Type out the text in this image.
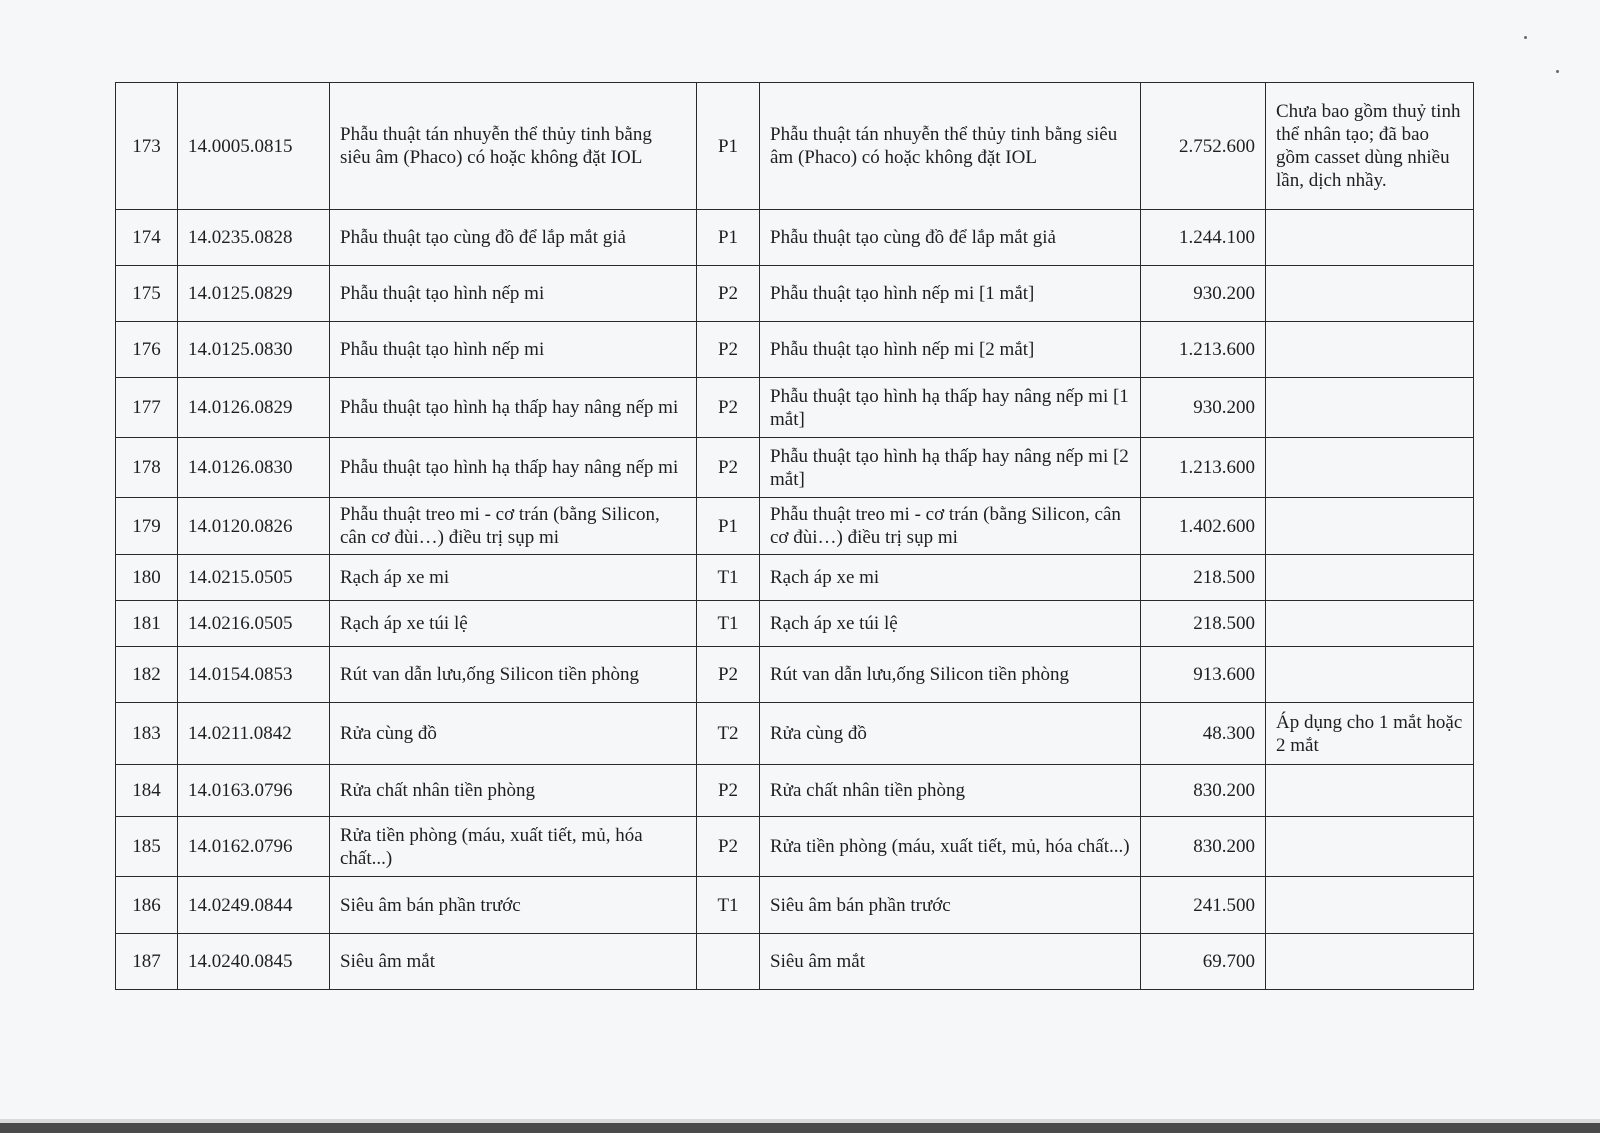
173	14.0005.0815	Phẫu thuật tán nhuyễn thể thủy tinh bằng siêu âm (Phaco) có hoặc không đặt IOL	P1	Phẫu thuật tán nhuyễn thể thủy tinh bằng siêu âm (Phaco) có hoặc không đặt IOL	2.752.600	Chưa bao gồm thuỷ tinh thể nhân tạo; đã bao gồm casset dùng nhiều lần, dịch nhầy.
174	14.0235.0828	Phẫu thuật tạo cùng đồ để lắp mắt giả	P1	Phẫu thuật tạo cùng đồ để lắp mắt giả	1.244.100	
175	14.0125.0829	Phẫu thuật tạo hình nếp mi	P2	Phẫu thuật tạo hình nếp mi [1 mắt]	930.200	
176	14.0125.0830	Phẫu thuật tạo hình nếp mi	P2	Phẫu thuật tạo hình nếp mi [2 mắt]	1.213.600	
177	14.0126.0829	Phẫu thuật tạo hình hạ thấp hay nâng nếp mi	P2	Phẫu thuật tạo hình hạ thấp hay nâng nếp mi [1 mắt]	930.200	
178	14.0126.0830	Phẫu thuật tạo hình hạ thấp hay nâng nếp mi	P2	Phẫu thuật tạo hình hạ thấp hay nâng nếp mi [2 mắt]	1.213.600	
179	14.0120.0826	Phẫu thuật treo mi - cơ trán (bằng Silicon, cân cơ đùi…) điều trị sụp mi	P1	Phẫu thuật treo mi - cơ trán (bằng Silicon, cân cơ đùi…) điều trị sụp mi	1.402.600	
180	14.0215.0505	Rạch áp xe mi	T1	Rạch áp xe mi	218.500	
181	14.0216.0505	Rạch áp xe túi lệ	T1	Rạch áp xe túi lệ	218.500	
182	14.0154.0853	Rút van dẫn lưu,ống Silicon tiền phòng	P2	Rút van dẫn lưu,ống Silicon tiền phòng	913.600	
183	14.0211.0842	Rửa cùng đồ	T2	Rửa cùng đồ	48.300	Áp dụng cho 1 mắt hoặc 2 mắt
184	14.0163.0796	Rửa chất nhân tiền phòng	P2	Rửa chất nhân tiền phòng	830.200	
185	14.0162.0796	Rửa tiền phòng (máu, xuất tiết, mủ, hóa chất...)	P2	Rửa tiền phòng (máu, xuất tiết, mủ, hóa chất...)	830.200	
186	14.0249.0844	Siêu âm bán phần trước	T1	Siêu âm bán phần trước	241.500	
187	14.0240.0845	Siêu âm mắt		Siêu âm mắt	69.700	
